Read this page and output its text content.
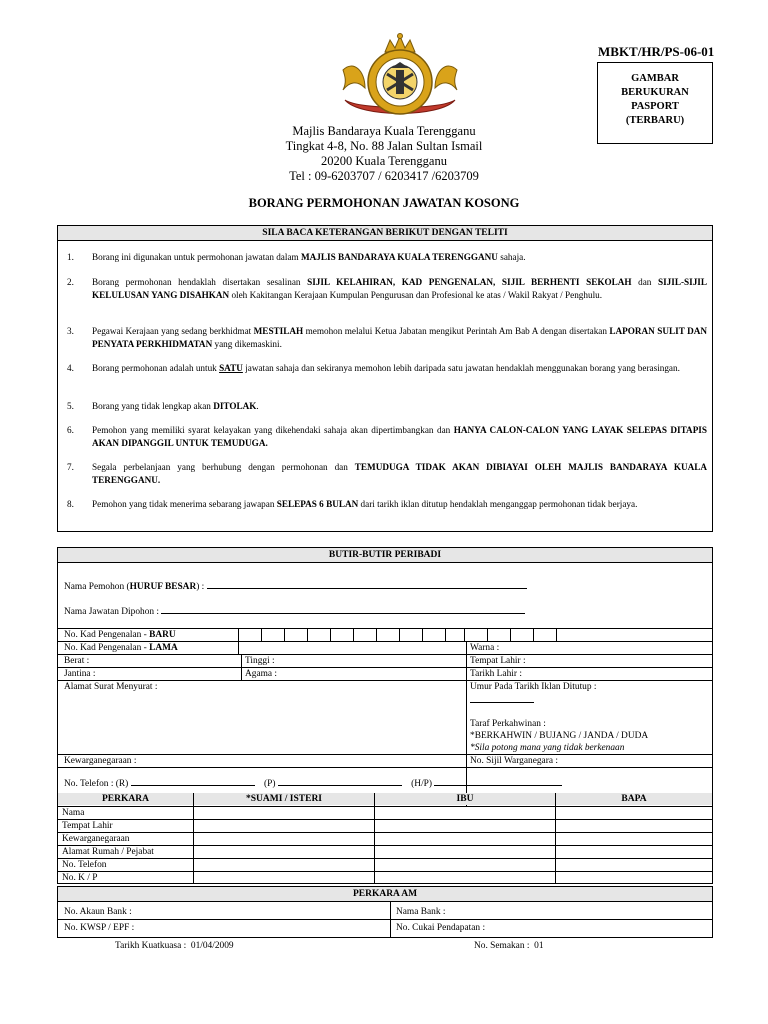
MBKT/HR/PS-06-01
GAMBAR
BERUKURAN
PASPORT
(TERBARU)
Majlis Bandaraya Kuala Terengganu
Tingkat 4-8, No. 88 Jalan Sultan Ismail
20200 Kuala Terengganu
Tel : 09-6203707 / 6203417 /6203709
BORANG PERMOHONAN JAWATAN KOSONG
SILA BACA KETERANGAN BERIKUT DENGAN TELITI
1.	Borang ini digunakan untuk permohonan jawatan dalam MAJLIS BANDARAYA KUALA TERENGGANU sahaja.
2.	Borang permohonan hendaklah disertakan sesalinan SIJIL KELAHIRAN, KAD PENGENALAN, SIJIL BERHENTI SEKOLAH dan SIJIL-SIJIL KELULUSAN YANG DISAHKAN oleh Kakitangan Kerajaan Kumpulan Pengurusan dan Profesional ke atas / Wakil Rakyat / Penghulu.
3.	Pegawai Kerajaan yang sedang berkhidmat MESTILAH memohon melalui Ketua Jabatan mengikut Perintah Am Bab A dengan disertakan LAPORAN SULIT DAN PENYATA PERKHIDMATAN yang dikemaskini.
4.	Borang permohonan adalah untuk SATU jawatan sahaja dan sekiranya memohon lebih daripada satu jawatan hendaklah menggunakan borang yang berasingan.
5.	Borang yang tidak lengkap akan DITOLAK.
6.	Pemohon yang memiliki syarat kelayakan yang dikehendaki sahaja akan dipertimbangkan dan HANYA CALON-CALON YANG LAYAK SELEPAS DITAPIS AKAN DIPANGGIL UNTUK TEMUDUGA.
7.	Segala perbelanjaan yang berhubung dengan permohonan dan TEMUDUGA TIDAK AKAN DIBIAYAI OLEH MAJLIS BANDARAYA KUALA TERENGGANU.
8.	Pemohon yang tidak menerima sebarang jawapan SELEPAS 6 BULAN dari tarikh iklan ditutup hendaklah menganggap permohonan tidak berjaya.
BUTIR-BUTIR PERIBADI
Nama Pemohon (HURUF BESAR) :
Nama Jawatan Dipohon :
No. Kad Pengenalan - BARU
No. Kad Pengenalan - LAMA	Warna :
Berat :	Tinggi :	Tempat Lahir :
Jantina :	Agama :	Tarikh Lahir :
Alamat Surat Menyurat :	Umur Pada Tarikh Iklan Ditutup :
Taraf Perkahwinan :
*BERKAHWIN / BUJANG / JANDA / DUDA
*Sila potong mana yang tidak berkenaan
Kewarganegaraan :	No. Sijil Warganegara :
No. Telefon : (R)	(P)	(H/P)
PERKARA	*SUAMI / ISTERI	IBU	BAPA
Nama
Tempat Lahir
Kewarganegaraan
Alamat Rumah / Pejabat
No. Telefon
No. K / P
PERKARA AM
No. Akaun Bank :	Nama Bank :
No. KWSP / EPF :	No. Cukai Pendapatan :
Tarikh Kuatkuasa : 01/04/2009	No. Semakan : 01
